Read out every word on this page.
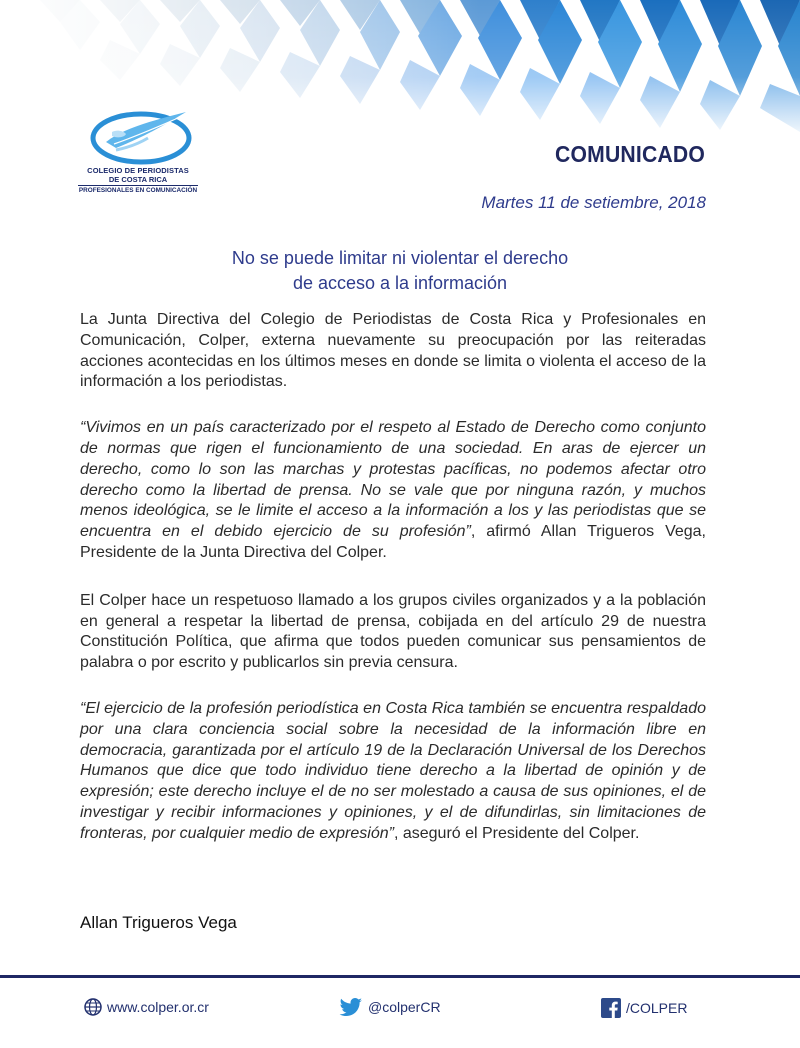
COLEGIO DE PERIODISTAS
DE COSTA RICA
PROFESIONALES EN COMUNICACIÓN
COMUNICADO
Martes 11 de setiembre, 2018
No se puede limitar ni violentar el derecho
de acceso a la información

La Junta Directiva del Colegio de Periodistas de Costa Rica y Profesionales en Comunicación, Colper, externa nuevamente su preocupación por las reiteradas acciones acontecidas en los últimos meses en donde se limita o violenta el acceso de la información a los periodistas.

“Vivimos en un país caracterizado por el respeto al Estado de Derecho como conjunto de normas que rigen el funcionamiento de una sociedad. En aras de ejercer un derecho, como lo son las marchas y protestas pacíficas, no podemos afectar otro derecho como la libertad de prensa. No se vale que por ninguna razón, y muchos menos ideológica, se le limite el acceso a la información a los y las periodistas que se encuentra en el debido ejercicio de su profesión”, afirmó Allan Trigueros Vega, Presidente de la Junta Directiva del Colper.

El Colper hace un respetuoso llamado a los grupos civiles organizados y a la población en general a respetar la libertad de prensa, cobijada en del artículo 29 de nuestra Constitución Política, que afirma que todos pueden comunicar sus pensamientos de palabra o por escrito y publicarlos sin previa censura.

“El ejercicio de la profesión periodística en Costa Rica también se encuentra respaldado por una clara conciencia social sobre la necesidad de la información libre en democracia, garantizada por el artículo 19 de la Declaración Universal de los Derechos Humanos que dice que todo individuo tiene derecho a la libertad de opinión y de expresión; este derecho incluye el de no ser molestado a causa de sus opiniones, el de investigar y recibir informaciones y opiniones, y el de difundirlas, sin limitaciones de fronteras, por cualquier medio de expresión”, aseguró el Presidente del Colper.

Allan Trigueros Vega
www.colper.or.cr	@colperCR	/COLPER
